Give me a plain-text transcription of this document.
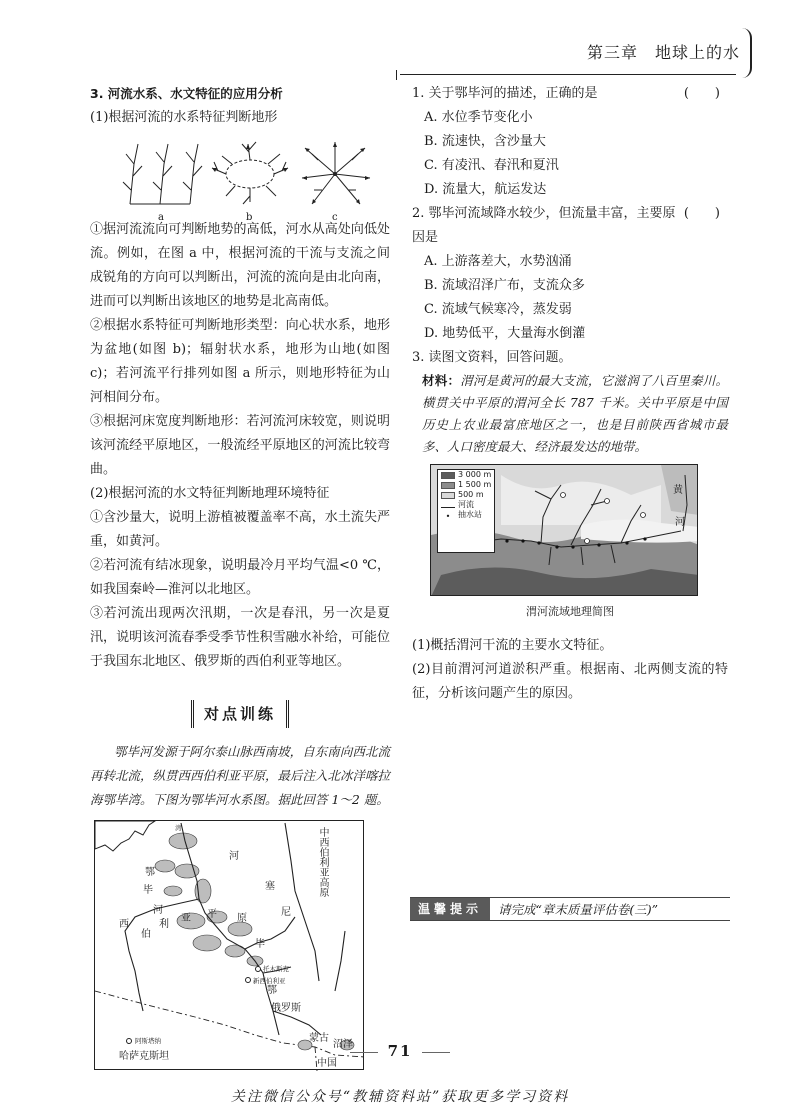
第三章　地球上的水
3. 河流水系、水文特征的应用分析
(1)根据河流的水系特征判断地形
a	b	c
①据河流流向可判断地势的高低，河水从高处向低处流。例如，在图 a 中，根据河流的干流与支流之间成锐角的方向可以判断出，河流的流向是由北向南，进而可以判断出该地区的地势是北高南低。
②根据水系特征可判断地形类型：向心状水系，地形为盆地(如图 b)；辐射状水系，地形为山地(如图 c)；若河流平行排列如图 a 所示，则地形特征为山河相间分布。
③根据河床宽度判断地形：若河流河床较宽，则说明该河流经平原地区，一般流经平原地区的河流比较弯曲。
(2)根据河流的水文特征判断地理环境特征
①含沙量大，说明上游植被覆盖率不高，水土流失严重，如黄河。
②若河流有结冰现象，说明最冷月平均气温<0 ℃，如我国秦岭—淮河以北地区。
③若河流出现两次汛期，一次是春汛，另一次是夏汛，说明该河流春季受季节性积雪融水补给，可能位于我国东北地区、俄罗斯的西伯利亚等地区。
对点训练
鄂毕河发源于阿尔泰山脉西南坡，自东南向西北流再转北流，纵贯西西伯利亚平原，最后注入北冰洋喀拉海鄂毕湾。下图为鄂毕河水系图。据此回答 1～2 题。
湾
鄂
毕
河
西
伯
利
亚 平 原
河
塞
尼
毕
鄂
中西伯利亚高原
托木斯克
新西伯利亚
俄罗斯
阿斯塔纳
哈萨克斯坦
蒙古
中国
沼泽
1. 关于鄂毕河的描述，正确的是	(　　)
A. 水位季节变化小
B. 流速快，含沙量大
C. 有凌汛、春汛和夏汛
D. 流量大，航运发达
2. 鄂毕河流域降水较少，但流量丰富，主要原因是
(　　)
A. 上游落差大，水势汹涌
B. 流域沼泽广布，支流众多
C. 流域气候寒冷，蒸发弱
D. 地势低平，大量海水倒灌
3. 读图文资料，回答问题。
材料：渭河是黄河的最大支流，它滋润了八百里秦川。横贯关中平原的渭河全长 787 千米。关中平原是中国历史上农业最富庶地区之一，也是目前陕西省城市最多、人口密度最大、经济最发达的地带。
3 000 m
1 500 m
500 m
河流
• 抽水站
黄
河
渭河流域地理简图
(1)概括渭河干流的主要水文特征。
(2)目前渭河河道淤积严重。根据南、北两侧支流的特征，分析该问题产生的原因。
温馨提示	请完成“章末质量评估卷(三)”
71
关注微信公众号“教辅资料站”获取更多学习资料
